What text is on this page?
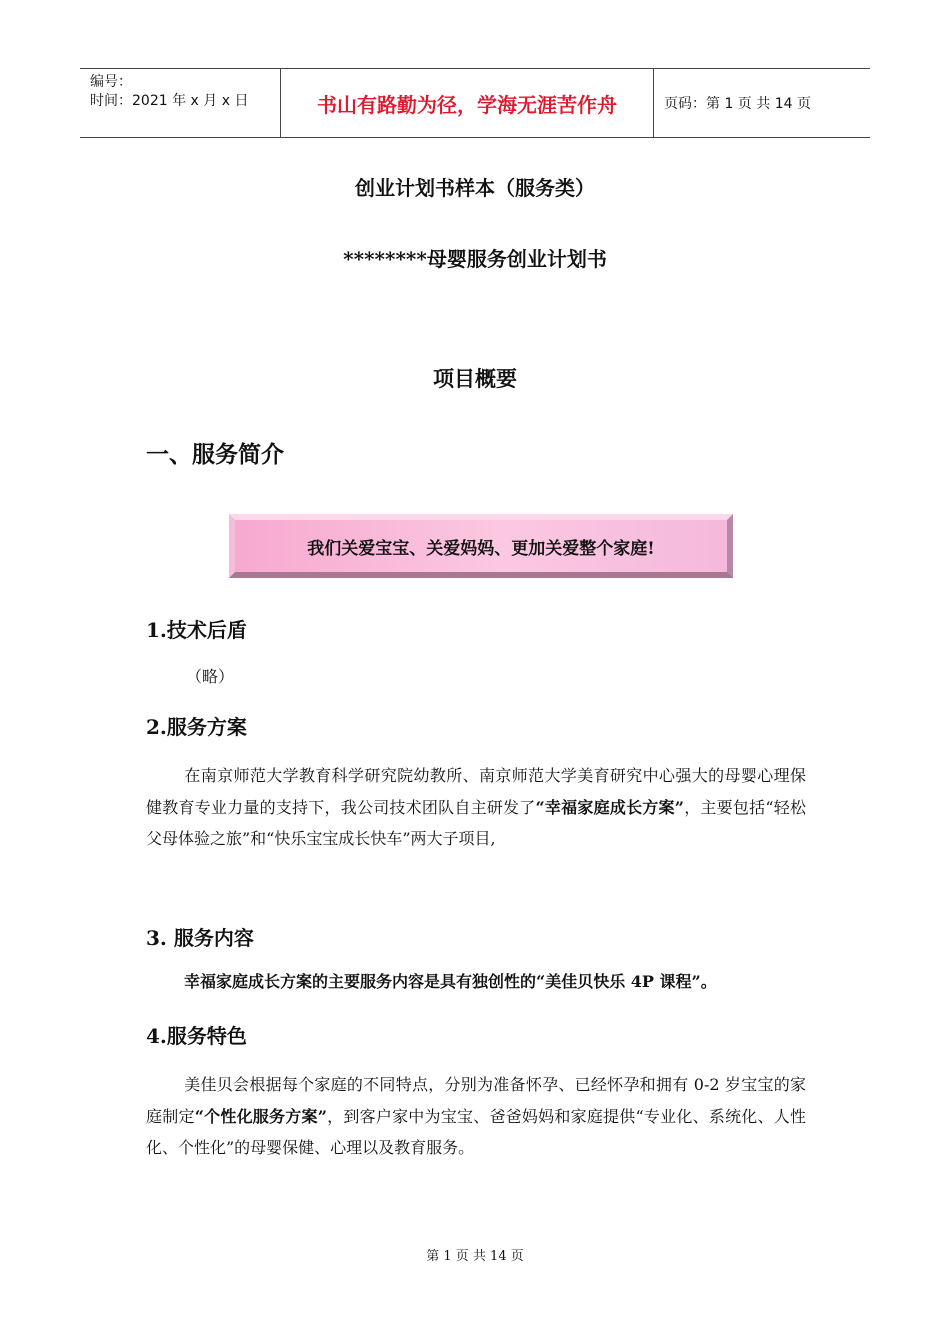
编号：
时间：2021 年 x 月 x 日	书山有路勤为径，学海无涯苦作舟	页码：第 1 页 共 14 页
创业计划书样本（服务类）
********母婴服务创业计划书
项目概要
一、服务简介
我们关爱宝宝、关爱妈妈、更加关爱整个家庭!
1.技术后盾
（略）
2.服务方案
在南京师范大学教育科学研究院幼教所、南京师范大学美育研究中心强大的母婴心理保健教育专业力量的支持下，我公司技术团队自主研发了“幸福家庭成长方案”，主要包括“轻松父母体验之旅”和“快乐宝宝成长快车”两大子项目,
3. 服务内容
幸福家庭成长方案的主要服务内容是具有独创性的“美佳贝快乐 4P 课程”。
4.服务特色
美佳贝会根据每个家庭的不同特点，分别为准备怀孕、已经怀孕和拥有 0-2 岁宝宝的家庭制定“个性化服务方案”，到客户家中为宝宝、爸爸妈妈和家庭提供“专业化、系统化、人性化、个性化”的母婴保健、心理以及教育服务。
第 1 页 共 14 页
